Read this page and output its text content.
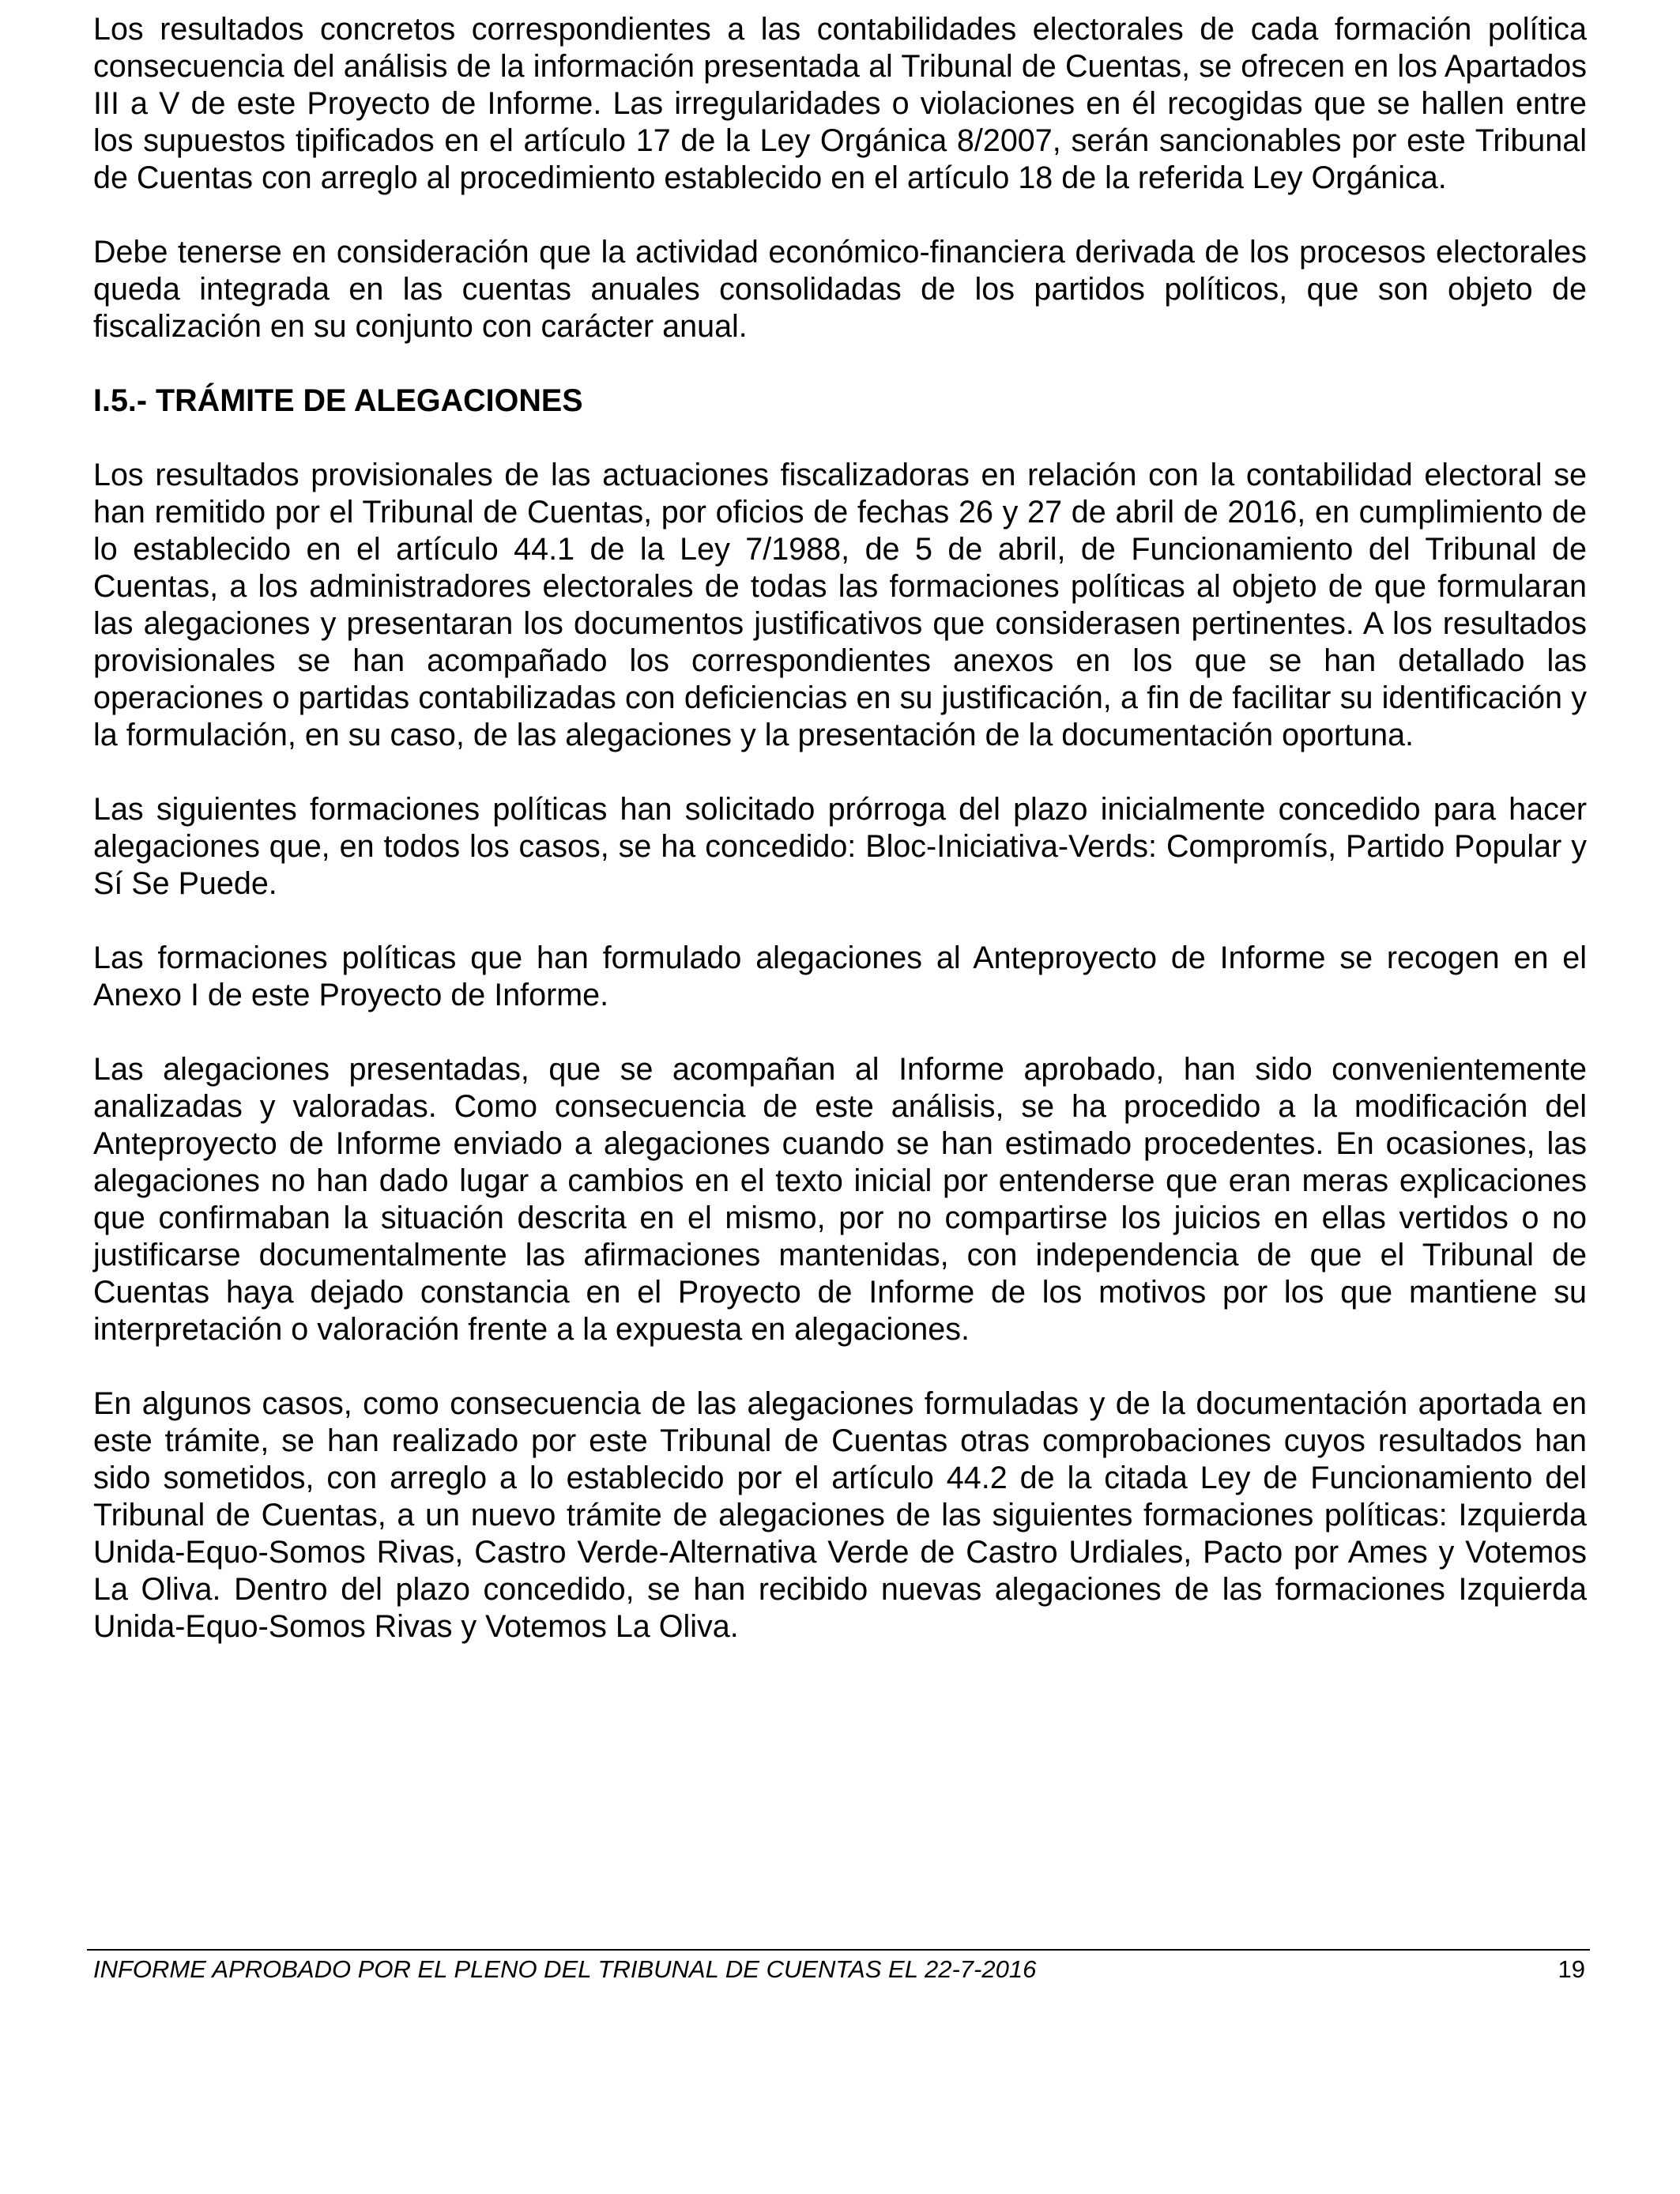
Los resultados concretos correspondientes a las contabilidades electorales de cada formación política consecuencia del análisis de la información presentada al Tribunal de Cuentas, se ofrecen en los Apartados III a V de este Proyecto de Informe. Las irregularidades o violaciones en él recogidas que se hallen entre los supuestos tipificados en el artículo 17 de la Ley Orgánica 8/2007, serán sancionables por este Tribunal de Cuentas con arreglo al procedimiento establecido en el artículo 18 de la referida Ley Orgánica.

Debe tenerse en consideración que la actividad económico-financiera derivada de los procesos electorales queda integrada en las cuentas anuales consolidadas de los partidos políticos, que son objeto de fiscalización en su conjunto con carácter anual.

I.5.- TRÁMITE DE ALEGACIONES

Los resultados provisionales de las actuaciones fiscalizadoras en relación con la contabilidad electoral se han remitido por el Tribunal de Cuentas, por oficios de fechas 26 y 27 de abril de 2016, en cumplimiento de lo establecido en el artículo 44.1 de la Ley 7/1988, de 5 de abril, de Funcionamiento del Tribunal de Cuentas, a los administradores electorales de todas las formaciones políticas al objeto de que formularan las alegaciones y presentaran los documentos justificativos que considerasen pertinentes. A los resultados provisionales se han acompañado los correspondientes anexos en los que se han detallado las operaciones o partidas contabilizadas con deficiencias en su justificación, a fin de facilitar su identificación y la formulación, en su caso, de las alegaciones y la presentación de la documentación oportuna.

Las siguientes formaciones políticas han solicitado prórroga del plazo inicialmente concedido para hacer alegaciones que, en todos los casos, se ha concedido: Bloc-Iniciativa-Verds: Compromís, Partido Popular y Sí Se Puede.

Las formaciones políticas que han formulado alegaciones al Anteproyecto de Informe se recogen en el Anexo I de este Proyecto de Informe.

Las alegaciones presentadas, que se acompañan al Informe aprobado, han sido convenientemente analizadas y valoradas. Como consecuencia de este análisis, se ha procedido a la modificación del Anteproyecto de Informe enviado a alegaciones cuando se han estimado procedentes. En ocasiones, las alegaciones no han dado lugar a cambios en el texto inicial por entenderse que eran meras explicaciones que confirmaban la situación descrita en el mismo, por no compartirse los juicios en ellas vertidos o no justificarse documentalmente las afirmaciones mantenidas, con independencia de que el Tribunal de Cuentas haya dejado constancia en el Proyecto de Informe de los motivos por los que mantiene su interpretación o valoración frente a la expuesta en alegaciones.

En algunos casos, como consecuencia de las alegaciones formuladas y de la documentación aportada en este trámite, se han realizado por este Tribunal de Cuentas otras comprobaciones cuyos resultados han sido sometidos, con arreglo a lo establecido por el artículo 44.2 de la citada Ley de Funcionamiento del Tribunal de Cuentas, a un nuevo trámite de alegaciones de las siguientes formaciones políticas: Izquierda Unida-Equo-Somos Rivas, Castro Verde-Alternativa Verde de Castro Urdiales, Pacto por Ames y Votemos La Oliva. Dentro del plazo concedido, se han recibido nuevas alegaciones de las formaciones Izquierda Unida-Equo-Somos Rivas y Votemos La Oliva.

INFORME APROBADO POR EL PLENO DEL TRIBUNAL DE CUENTAS EL 22-7-2016	19
